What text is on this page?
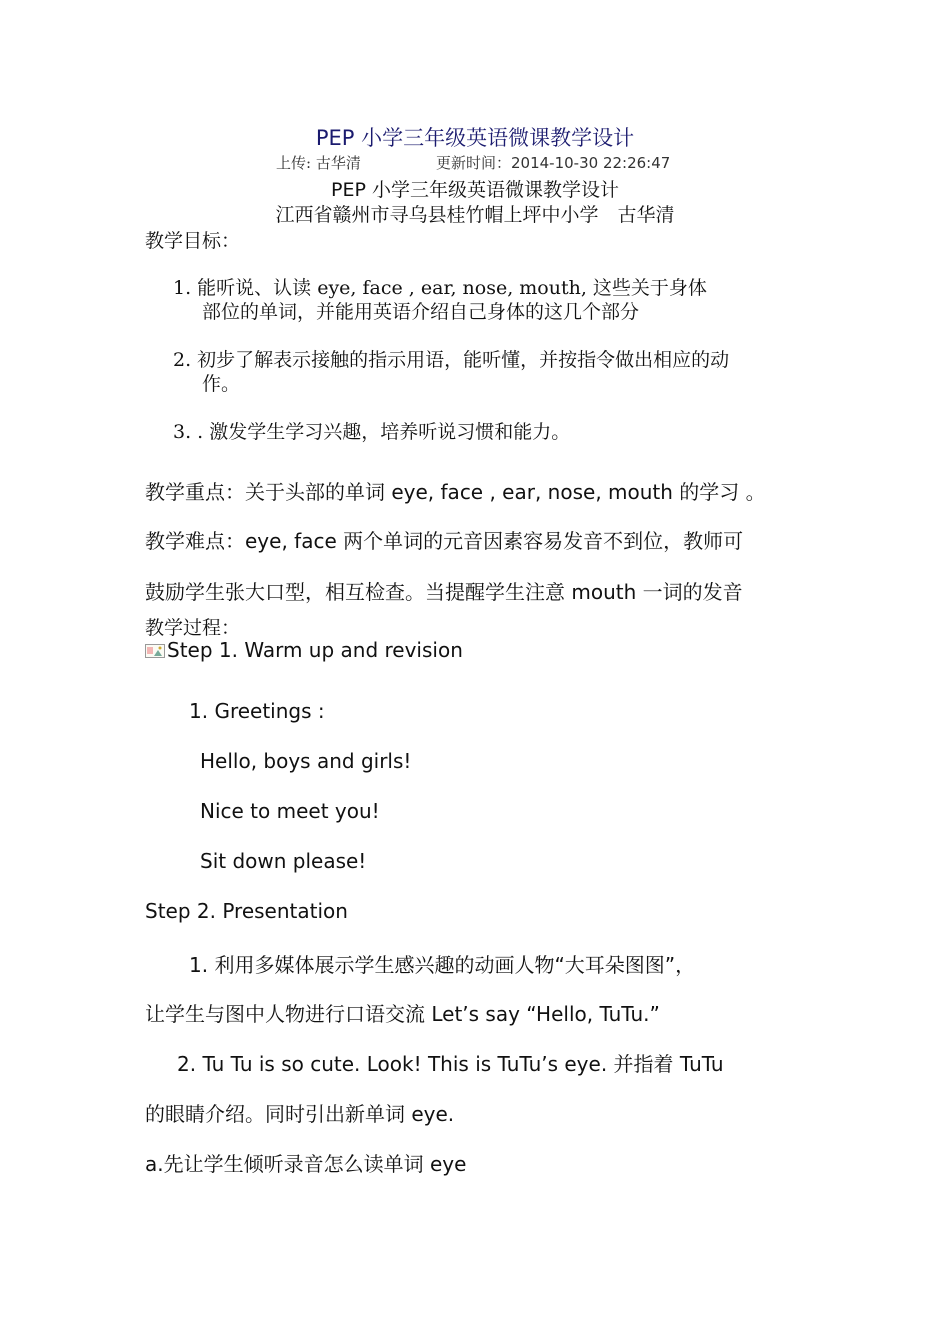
PEP 小学三年级英语微课教学设计
上传: 古华清	更新时间：2014-10-30 22:26:47
PEP 小学三年级英语微课教学设计
江西省赣州市寻乌县桂竹帽上坪中小学　古华清
教学目标：
1. 能听说、认读 eye, face , ear, nose, mouth, 这些关于身体
部位的单词，并能用英语介绍自己身体的这几个部分
2. 初步了解表示接触的指示用语，能听懂，并按指令做出相应的动
作。
3. . 激发学生学习兴趣，培养听说习惯和能力。
教学重点：关于头部的单词 eye, face , ear, nose, mouth 的学习 。
教学难点：eye, face 两个单词的元音因素容易发音不到位，教师可
鼓励学生张大口型，相互检查。当提醒学生注意 mouth 一词的发音
教学过程：
Step 1. Warm up and revision
1. Greetings :
Hello, boys and girls!
Nice to meet you!
Sit down please!
Step 2. Presentation
1. 利用多媒体展示学生感兴趣的动画人物“大耳朵图图”，
让学生与图中人物进行口语交流 Let’s say “Hello, TuTu.”
2. Tu Tu is so cute. Look! This is TuTu’s eye. 并指着 TuTu
的眼睛介绍。同时引出新单词 eye.
a.先让学生倾听录音怎么读单词 eye
